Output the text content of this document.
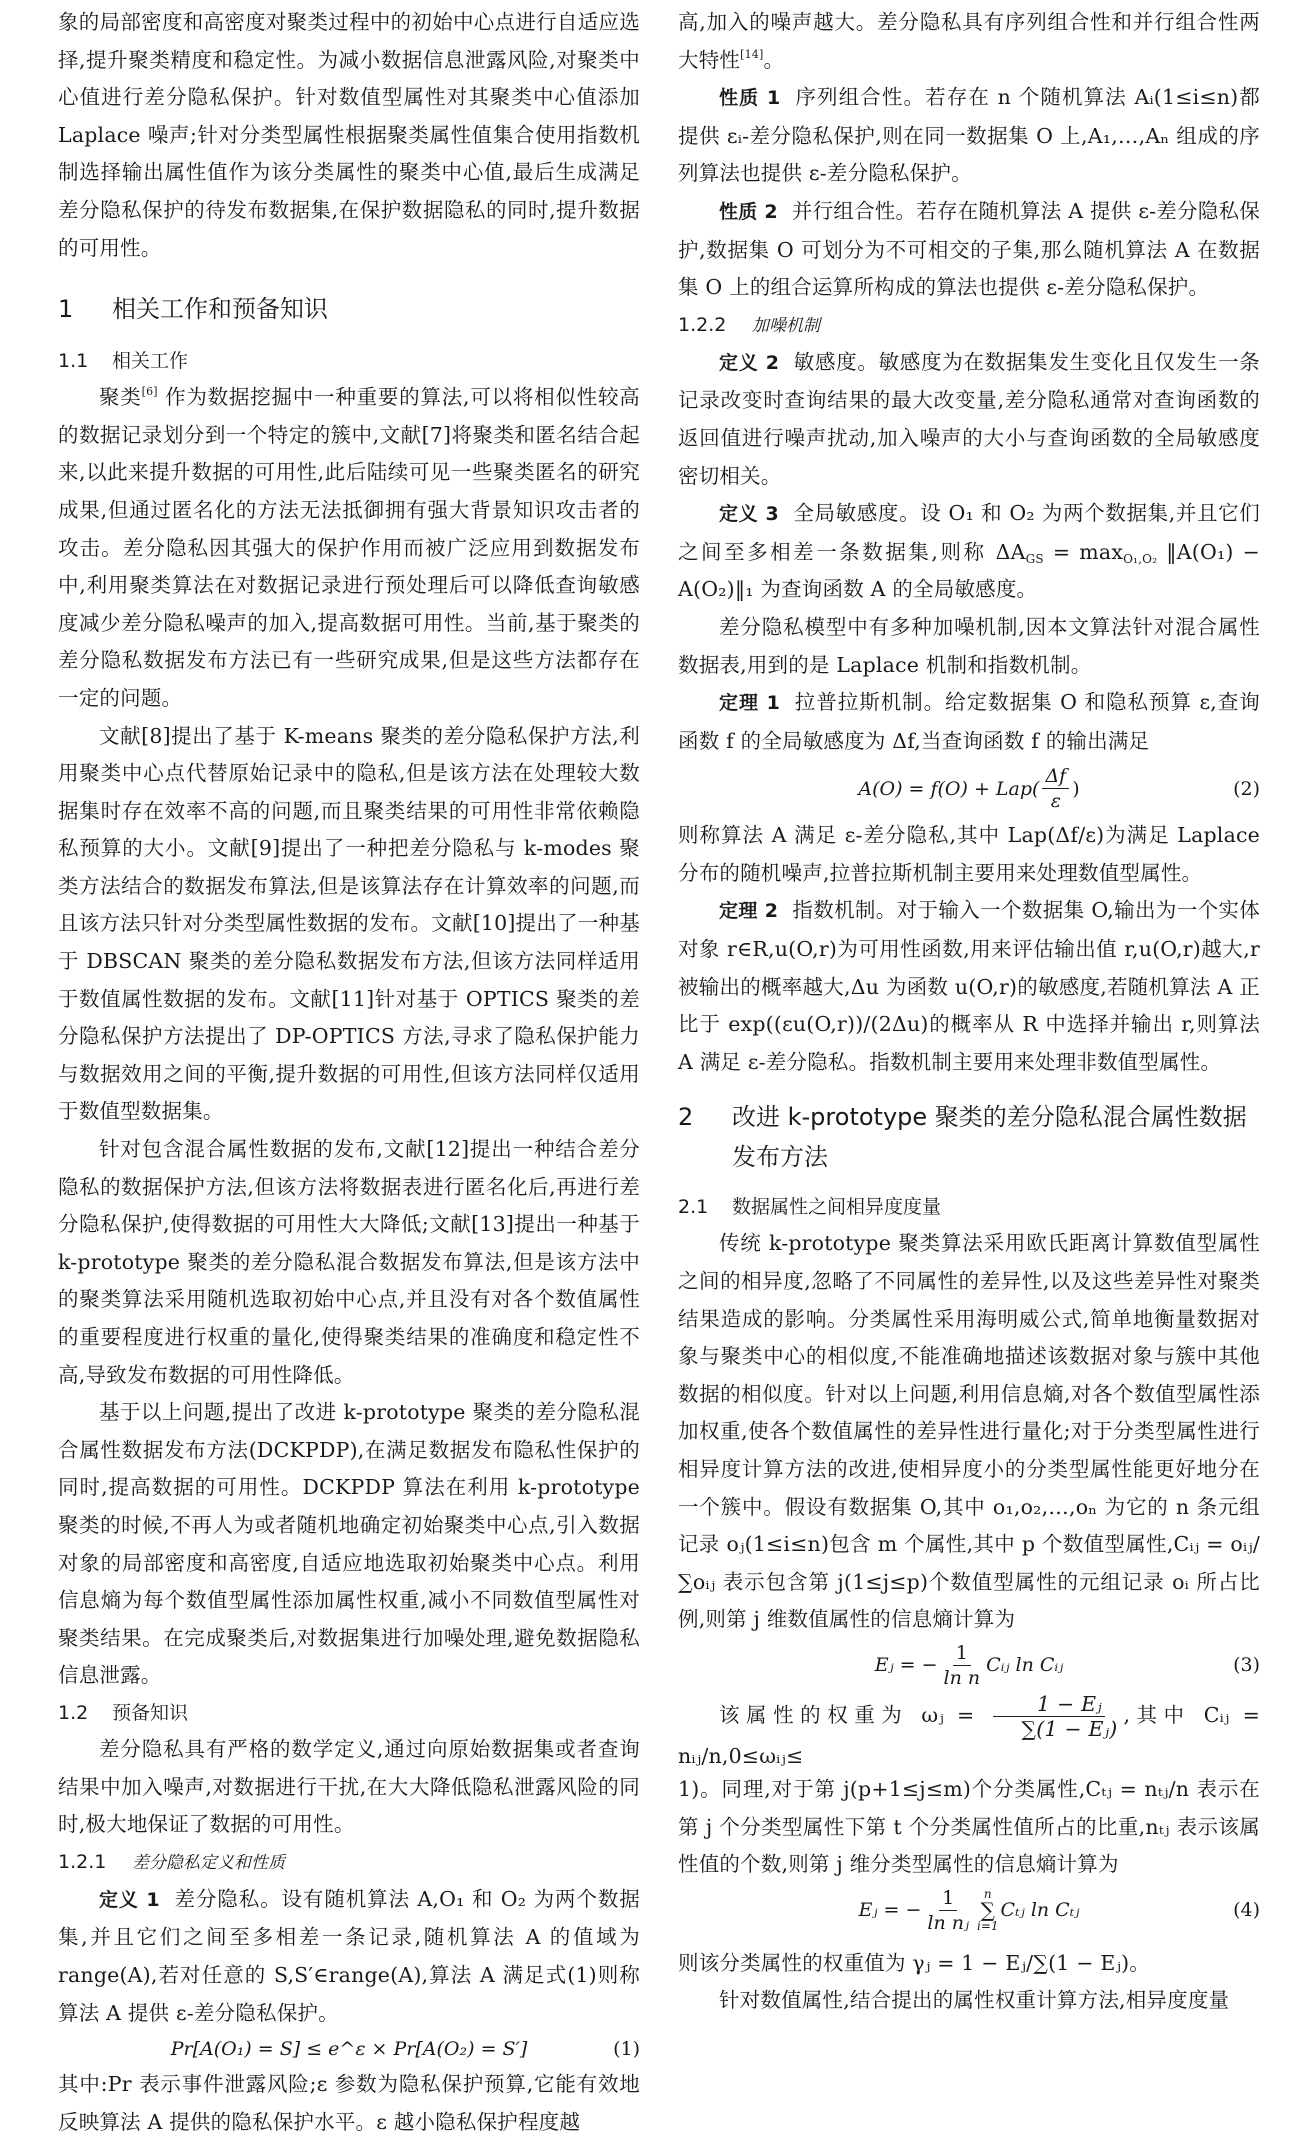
象的局部密度和高密度对聚类过程中的初始中心点进行自适应选择,提升聚类精度和稳定性。为减小数据信息泄露风险,对聚类中心值进行差分隐私保护。针对数值型属性对其聚类中心值添加 Laplace 噪声;针对分类型属性根据聚类属性值集合使用指数机制选择输出属性值作为该分类属性的聚类中心值,最后生成满足差分隐私保护的待发布数据集,在保护数据隐私的同时,提升数据的可用性。

1 相关工作和预备知识
1.1 相关工作

聚类[6] 作为数据挖掘中一种重要的算法,可以将相似性较高的数据记录划分到一个特定的簇中,文献[7]将聚类和匿名结合起来,以此来提升数据的可用性,此后陆续可见一些聚类匿名的研究成果,但通过匿名化的方法无法抵御拥有强大背景知识攻击者的攻击。差分隐私因其强大的保护作用而被广泛应用到数据发布中,利用聚类算法在对数据记录进行预处理后可以降低查询敏感度减少差分隐私噪声的加入,提高数据可用性。当前,基于聚类的差分隐私数据发布方法已有一些研究成果,但是这些方法都存在一定的问题。

文献[8]提出了基于 K-means 聚类的差分隐私保护方法,利用聚类中心点代替原始记录中的隐私,但是该方法在处理较大数据集时存在效率不高的问题,而且聚类结果的可用性非常依赖隐私预算的大小。文献[9]提出了一种把差分隐私与 k-modes 聚类方法结合的数据发布算法,但是该算法存在计算效率的问题,而且该方法只针对分类型属性数据的发布。文献[10]提出了一种基于 DBSCAN 聚类的差分隐私数据发布方法,但该方法同样适用于数值属性数据的发布。文献[11]针对基于 OPTICS 聚类的差分隐私保护方法提出了 DP-OPTICS 方法,寻求了隐私保护能力与数据效用之间的平衡,提升数据的可用性,但该方法同样仅适用于数值型数据集。

针对包含混合属性数据的发布,文献[12]提出一种结合差分隐私的数据保护方法,但该方法将数据表进行匿名化后,再进行差分隐私保护,使得数据的可用性大大降低;文献[13]提出一种基于 k-prototype 聚类的差分隐私混合数据发布算法,但是该方法中的聚类算法采用随机选取初始中心点,并且没有对各个数值属性的重要程度进行权重的量化,使得聚类结果的准确度和稳定性不高,导致发布数据的可用性降低。

基于以上问题,提出了改进 k-prototype 聚类的差分隐私混合属性数据发布方法(DCKPDP),在满足数据发布隐私性保护的同时,提高数据的可用性。DCKPDP 算法在利用 k-prototype 聚类的时候,不再人为或者随机地确定初始聚类中心点,引入数据对象的局部密度和高密度,自适应地选取初始聚类中心点。利用信息熵为每个数值型属性添加属性权重,减小不同数值型属性对聚类结果。在完成聚类后,对数据集进行加噪处理,避免数据隐私信息泄露。

1.2 预备知识

差分隐私具有严格的数学定义,通过向原始数据集或者查询结果中加入噪声,对数据进行干扰,在大大降低隐私泄露风险的同时,极大地保证了数据的可用性。

1.2.1 差分隐私定义和性质

定义 1 差分隐私。设有随机算法 A,O₁ 和 O₂ 为两个数据集,并且它们之间至多相差一条记录,随机算法 A 的值域为 range(A),若对任意的 S,S′∈range(A),算法 A 满足式(1)则称算法 A 提供 ε-差分隐私保护。

Pr[A(O₁) = S] ≤ e^ε × Pr[A(O₂) = S′]	(1)

其中:Pr 表示事件泄露风险;ε 参数为隐私保护预算,它能有效地反映算法 A 提供的隐私保护水平。ε 越小隐私保护程度越

高,加入的噪声越大。差分隐私具有序列组合性和并行组合性两大特性[14]。

性质 1 序列组合性。若存在 n 个随机算法 Aᵢ(1≤i≤n)都提供 εᵢ-差分隐私保护,则在同一数据集 O 上,A₁,…,Aₙ 组成的序列算法也提供 ε-差分隐私保护。

性质 2 并行组合性。若存在随机算法 A 提供 ε-差分隐私保护,数据集 O 可划分为不可相交的子集,那么随机算法 A 在数据集 O 上的组合运算所构成的算法也提供 ε-差分隐私保护。

1.2.2 加噪机制

定义 2 敏感度。敏感度为在数据集发生变化且仅发生一条记录改变时查询结果的最大改变量,差分隐私通常对查询函数的返回值进行噪声扰动,加入噪声的大小与查询函数的全局敏感度密切相关。

定义 3 全局敏感度。设 O₁ 和 O₂ 为两个数据集,并且它们之间至多相差一条数据集,则称 $\Delta A_{GS} = \max_{O_1,O_2}$ ‖A(O₁) − A(O₂)‖₁ 为查询函数 A 的全局敏感度。

差分隐私模型中有多种加噪机制,因本文算法针对混合属性数据表,用到的是 Laplace 机制和指数机制。

定理 1 拉普拉斯机制。给定数据集 O 和隐私预算 ε,查询函数 f 的全局敏感度为 Δf,当查询函数 f 的输出满足

$A(O) = f(O) + Lap( \frac{\Delta f}{\varepsilon}$ )	(2)

则称算法 A 满足 ε-差分隐私,其中 Lap(Δf/ε)为满足 Laplace 分布的随机噪声,拉普拉斯机制主要用来处理数值型属性。

定理 2 指数机制。对于输入一个数据集 O,输出为一个实体对象 r∈R,u(O,r)为可用性函数,用来评估输出值 r,u(O,r)越大,r 被输出的概率越大,Δu 为函数 u(O,r)的敏感度,若随机算法 A 正比于 exp((εu(O,r))/(2Δu)的概率从 R 中选择并输出 r,则算法 A 满足 ε-差分隐私。指数机制主要用来处理非数值型属性。

2	改进 k-prototype 聚类的差分隐私混合属性数据发布方法
2.1 数据属性之间相异度度量

传统 k-prototype 聚类算法采用欧氏距离计算数值型属性之间的相异度,忽略了不同属性的差异性,以及这些差异性对聚类结果造成的影响。分类属性采用海明威公式,简单地衡量数据对象与聚类中心的相似度,不能准确地描述该数据对象与簇中其他数据的相似度。针对以上问题,利用信息熵,对各个数值型属性添加权重,使各个数值属性的差异性进行量化;对于分类型属性进行相异度计算方法的改进,使相异度小的分类型属性能更好地分在一个簇中。假设有数据集 O,其中 o₁,o₂,…,oₙ 为它的 n 条元组记录 oⱼ(1≤i≤n)包含 m 个属性,其中 p 个数值型属性,Cᵢⱼ = oᵢⱼ/∑oᵢⱼ 表示包含第 j(1≤j≤p)个数值型属性的元组记录 oᵢ 所占比例,则第 j 维数值属性的信息熵计算为

Eⱼ = − $\frac{1}{\text{ln n}}$ Cᵢⱼ ln Cᵢⱼ	(3)

该属性的权重为 ωⱼ = $\frac{\text{1 − Eⱼ}}{\text{∑(1 − Eⱼ)}}$ ,其中 Cᵢⱼ = nᵢⱼ/n,0≤ωᵢⱼ≤

1)。同理,对于第 j(p+1≤j≤m)个分类属性,Cₜⱼ = nₜⱼ/n 表示在第 j 个分类型属性下第 t 个分类属性值所占的比重,nₜⱼ 表示该属性值的个数,则第 j 维分类型属性的信息熵计算为

Eⱼ = − $\frac{1}{\text{ln nⱼ}}$ n
∑
i=1
Cₜⱼ ln Cₜⱼ	(4)

则该分类属性的权重值为 γⱼ = 1 − Eⱼ/∑(1 − Eⱼ)。

针对数值属性,结合提出的属性权重计算方法,相异度度量
